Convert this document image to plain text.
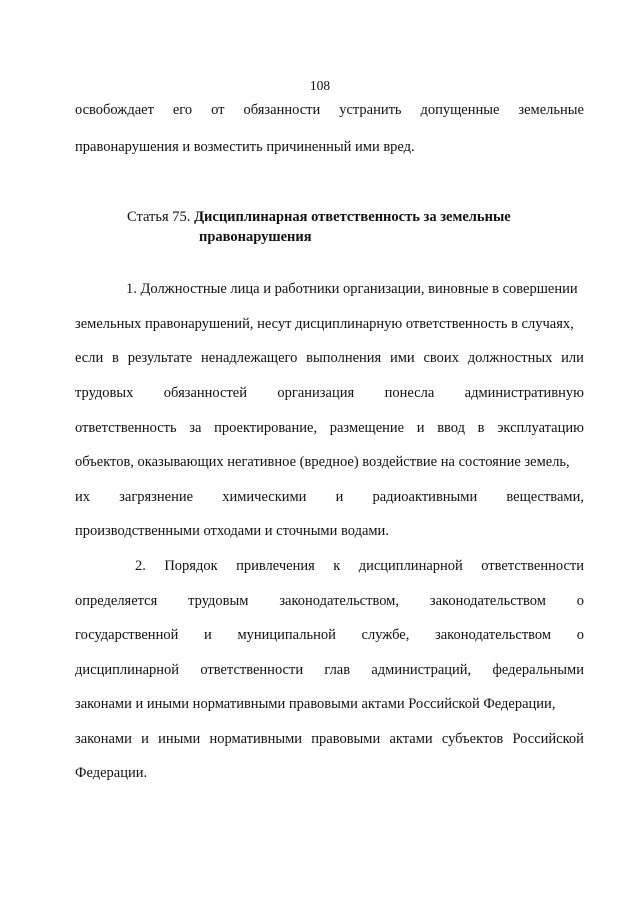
108
освобождает его от обязанности устранить допущенные земельные
правонарушения и возместить причиненный ими вред.
Статья 75. Дисциплинарная ответственность за земельные
правонарушения
1. Должностные лица и работники организации, виновные в совершении
земельных правонарушений, несут дисциплинарную ответственность в случаях,
если в результате ненадлежащего выполнения ими своих должностных или
трудовых обязанностей организация понесла административную
ответственность за проектирование, размещение и ввод в эксплуатацию
объектов, оказывающих негативное (вредное) воздействие на состояние земель,
их загрязнение химическими и радиоактивными веществами,
производственными отходами и сточными водами.
2. Порядок привлечения к дисциплинарной ответственности
определяется трудовым законодательством, законодательством о
государственной и муниципальной службе, законодательством о
дисциплинарной ответственности глав администраций, федеральными
законами и иными нормативными правовыми актами Российской Федерации,
законами и иными нормативными правовыми актами субъектов Российской
Федерации.
